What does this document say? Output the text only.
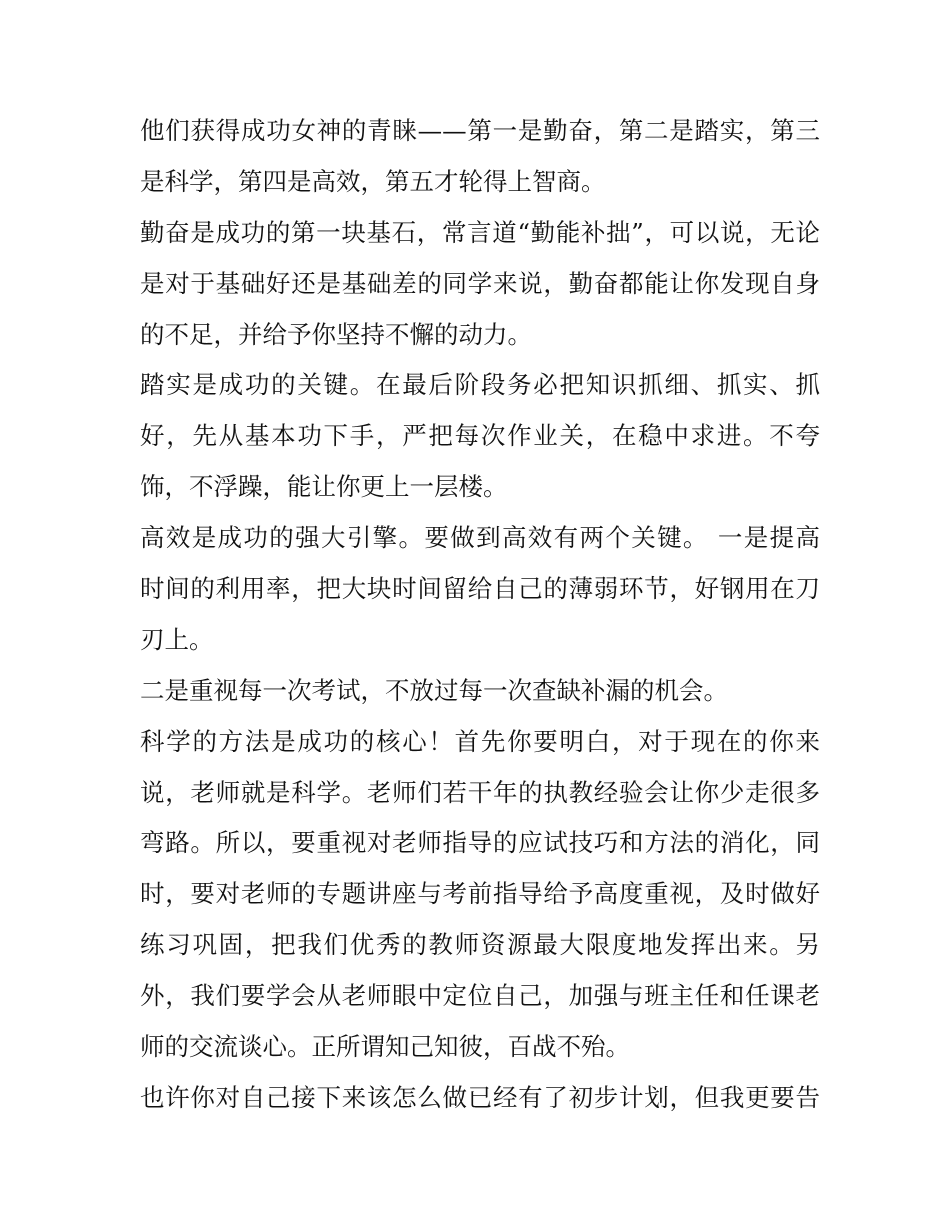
他们获得成功女神的青睐——第一是勤奋，第二是踏实，第三
是科学，第四是高效，第五才轮得上智商。
勤奋是成功的第一块基石，常言道“勤能补拙”，可以说，无论
是对于基础好还是基础差的同学来说，勤奋都能让你发现自身
的不足，并给予你坚持不懈的动力。
踏实是成功的关键。在最后阶段务必把知识抓细、抓实、抓
好，先从基本功下手，严把每次作业关，在稳中求进。不夸
饰，不浮躁，能让你更上一层楼。
高效是成功的强大引擎。要做到高效有两个关键。 一是提高
时间的利用率，把大块时间留给自己的薄弱环节，好钢用在刀
刃上。
二是重视每一次考试，不放过每一次查缺补漏的机会。
科学的方法是成功的核心！首先你要明白，对于现在的你来
说，老师就是科学。老师们若干年的执教经验会让你少走很多
弯路。所以，要重视对老师指导的应试技巧和方法的消化，同
时，要对老师的专题讲座与考前指导给予高度重视，及时做好
练习巩固，把我们优秀的教师资源最大限度地发挥出来。另
外，我们要学会从老师眼中定位自己，加强与班主任和任课老
师的交流谈心。正所谓知己知彼，百战不殆。
也许你对自己接下来该怎么做已经有了初步计划，但我更要告
